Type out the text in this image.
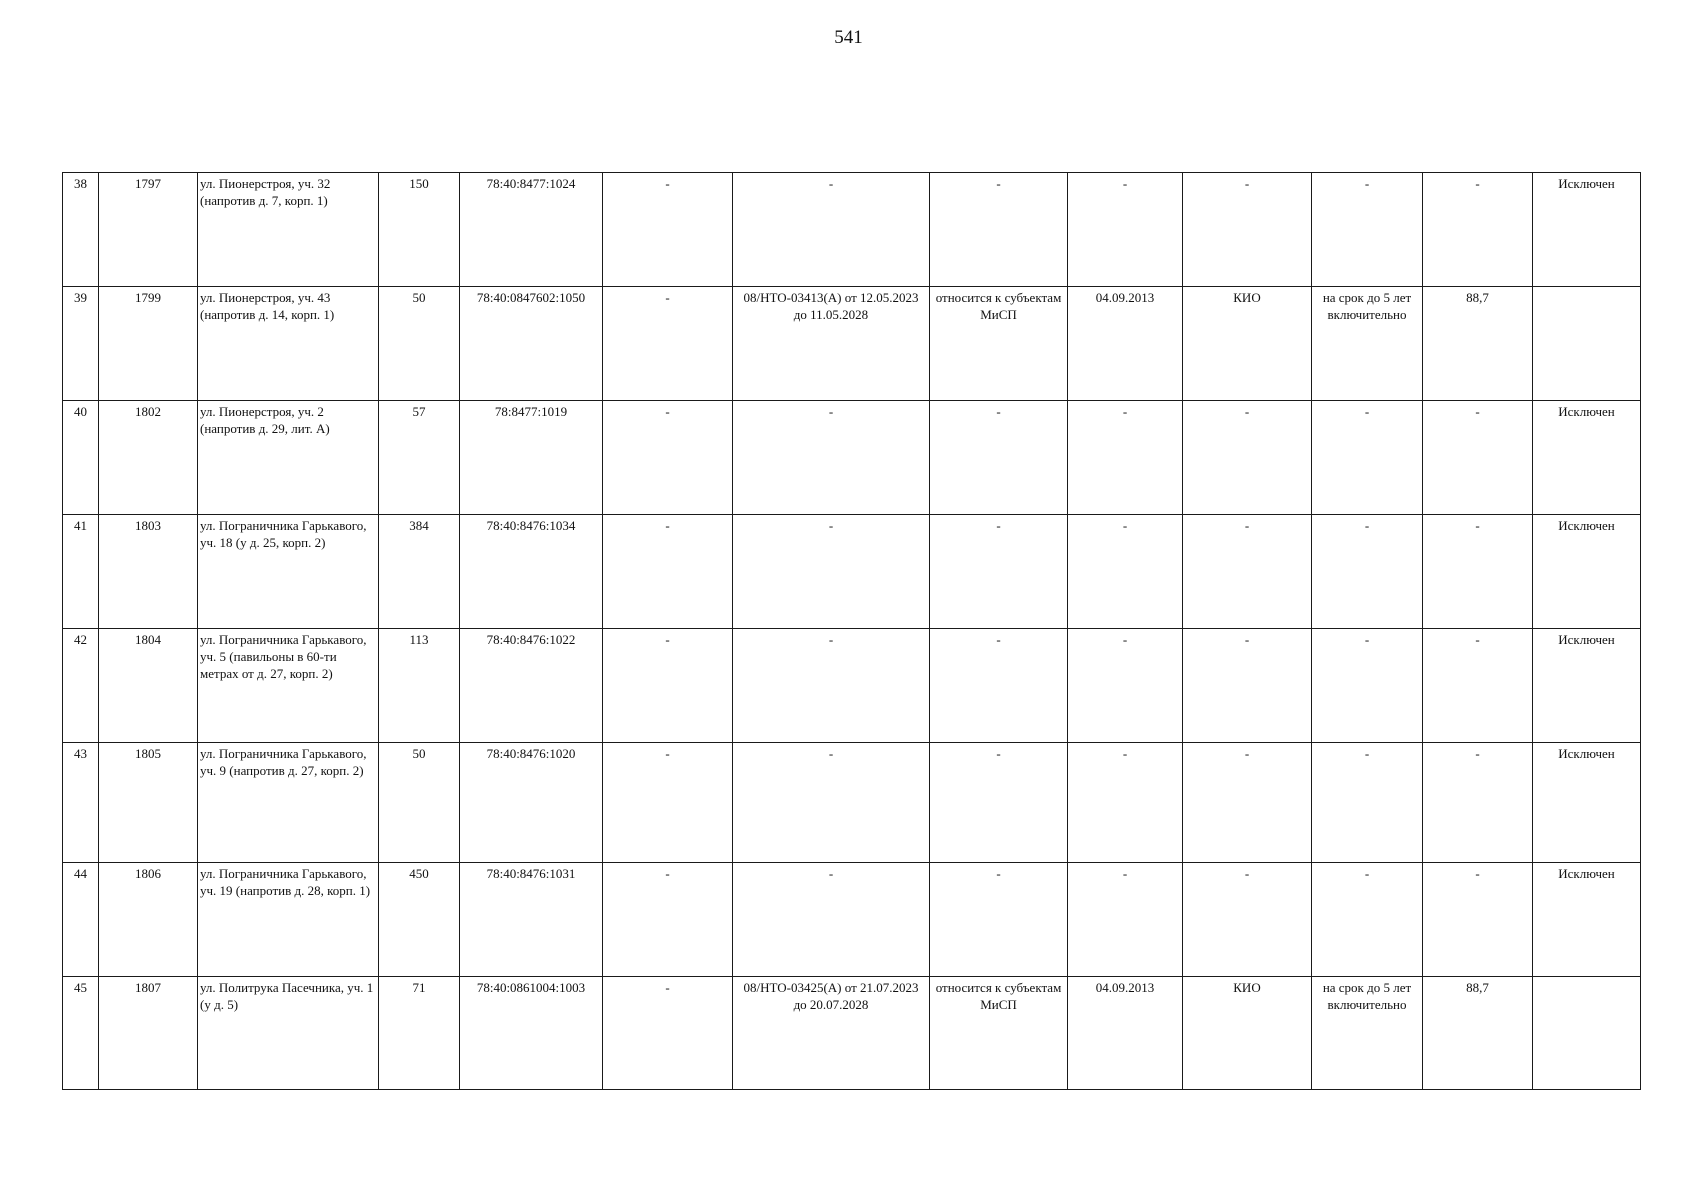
541
38	1797	ул. Пионерстроя, уч. 32 (напротив д. 7, корп. 1)	150	78:40:8477:1024	-	-	-	-	-	-	-	Исключен
39	1799	ул. Пионерстроя, уч. 43 (напротив д. 14, корп. 1)	50	78:40:0847602:1050	-	08/НТО-03413(А) от 12.05.2023 до 11.05.2028	относится к субъектам МиСП	04.09.2013	КИО	на срок до 5 лет включительно	88,7	
40	1802	ул. Пионерстроя, уч. 2 (напротив д. 29, лит. А)	57	78:8477:1019	-	-	-	-	-	-	-	Исключен
41	1803	ул. Пограничника Гарькавого, уч. 18 (у д. 25, корп. 2)	384	78:40:8476:1034	-	-	-	-	-	-	-	Исключен
42	1804	ул. Пограничника Гарькавого, уч. 5 (павильоны в 60-ти метрах от д. 27, корп. 2)	113	78:40:8476:1022	-	-	-	-	-	-	-	Исключен
43	1805	ул. Пограничника Гарькавого, уч. 9 (напротив д. 27, корп. 2)	50	78:40:8476:1020	-	-	-	-	-	-	-	Исключен
44	1806	ул. Пограничника Гарькавого, уч. 19 (напротив д. 28, корп. 1)	450	78:40:8476:1031	-	-	-	-	-	-	-	Исключен
45	1807	ул. Политрука Пасечника, уч. 1 (у д. 5)	71	78:40:0861004:1003	-	08/НТО-03425(А) от 21.07.2023 до 20.07.2028	относится к субъектам МиСП	04.09.2013	КИО	на срок до 5 лет включительно	88,7	
